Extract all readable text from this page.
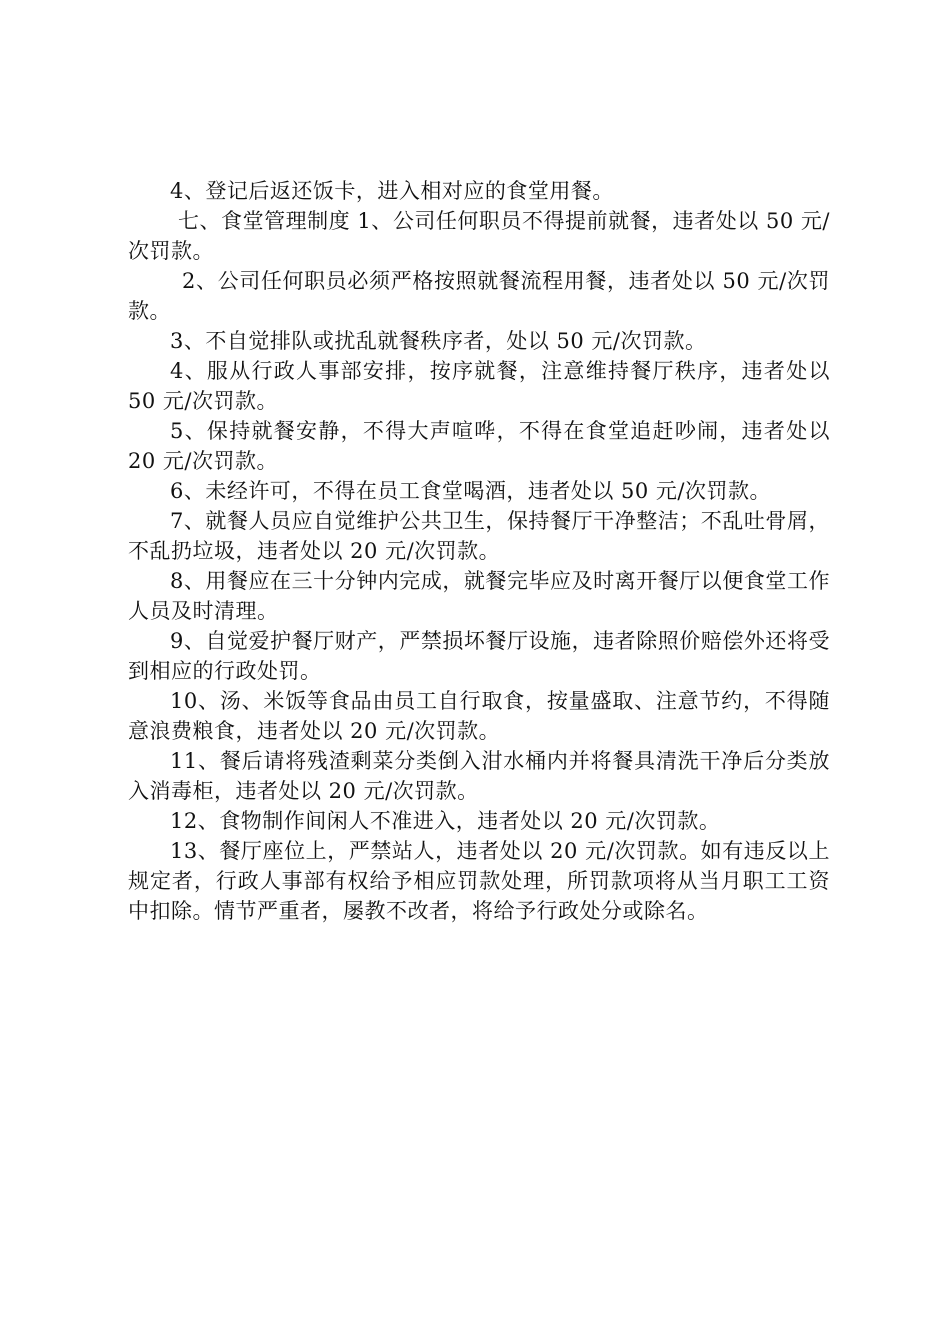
4、登记后返还饭卡，进入相对应的食堂用餐。

七、食堂管理制度 1、公司任何职员不得提前就餐，违者处以 50 元/次罚款。

2、公司任何职员必须严格按照就餐流程用餐，违者处以 50 元/次罚款。

3、不自觉排队或扰乱就餐秩序者，处以 50 元/次罚款。

4、服从行政人事部安排，按序就餐，注意维持餐厅秩序，违者处以 50 元/次罚款。

5、保持就餐安静，不得大声喧哗，不得在食堂追赶吵闹，违者处以 20 元/次罚款。

6、未经许可，不得在员工食堂喝酒，违者处以 50 元/次罚款。

7、就餐人员应自觉维护公共卫生，保持餐厅干净整洁；不乱吐骨屑，不乱扔垃圾，违者处以 20 元/次罚款。

8、用餐应在三十分钟内完成，就餐完毕应及时离开餐厅以便食堂工作人员及时清理。

9、自觉爱护餐厅财产，严禁损坏餐厅设施，违者除照价赔偿外还将受到相应的行政处罚。

10、汤、米饭等食品由员工自行取食，按量盛取、注意节约，不得随意浪费粮食，违者处以 20 元/次罚款。

11、餐后请将残渣剩菜分类倒入泔水桶内并将餐具清洗干净后分类放入消毒柜，违者处以 20 元/次罚款。

12、食物制作间闲人不准进入，违者处以 20 元/次罚款。

13、餐厅座位上，严禁站人，违者处以 20 元/次罚款。如有违反以上规定者，行政人事部有权给予相应罚款处理，所罚款项将从当月职工工资中扣除。情节严重者，屡教不改者，将给予行政处分或除名。
